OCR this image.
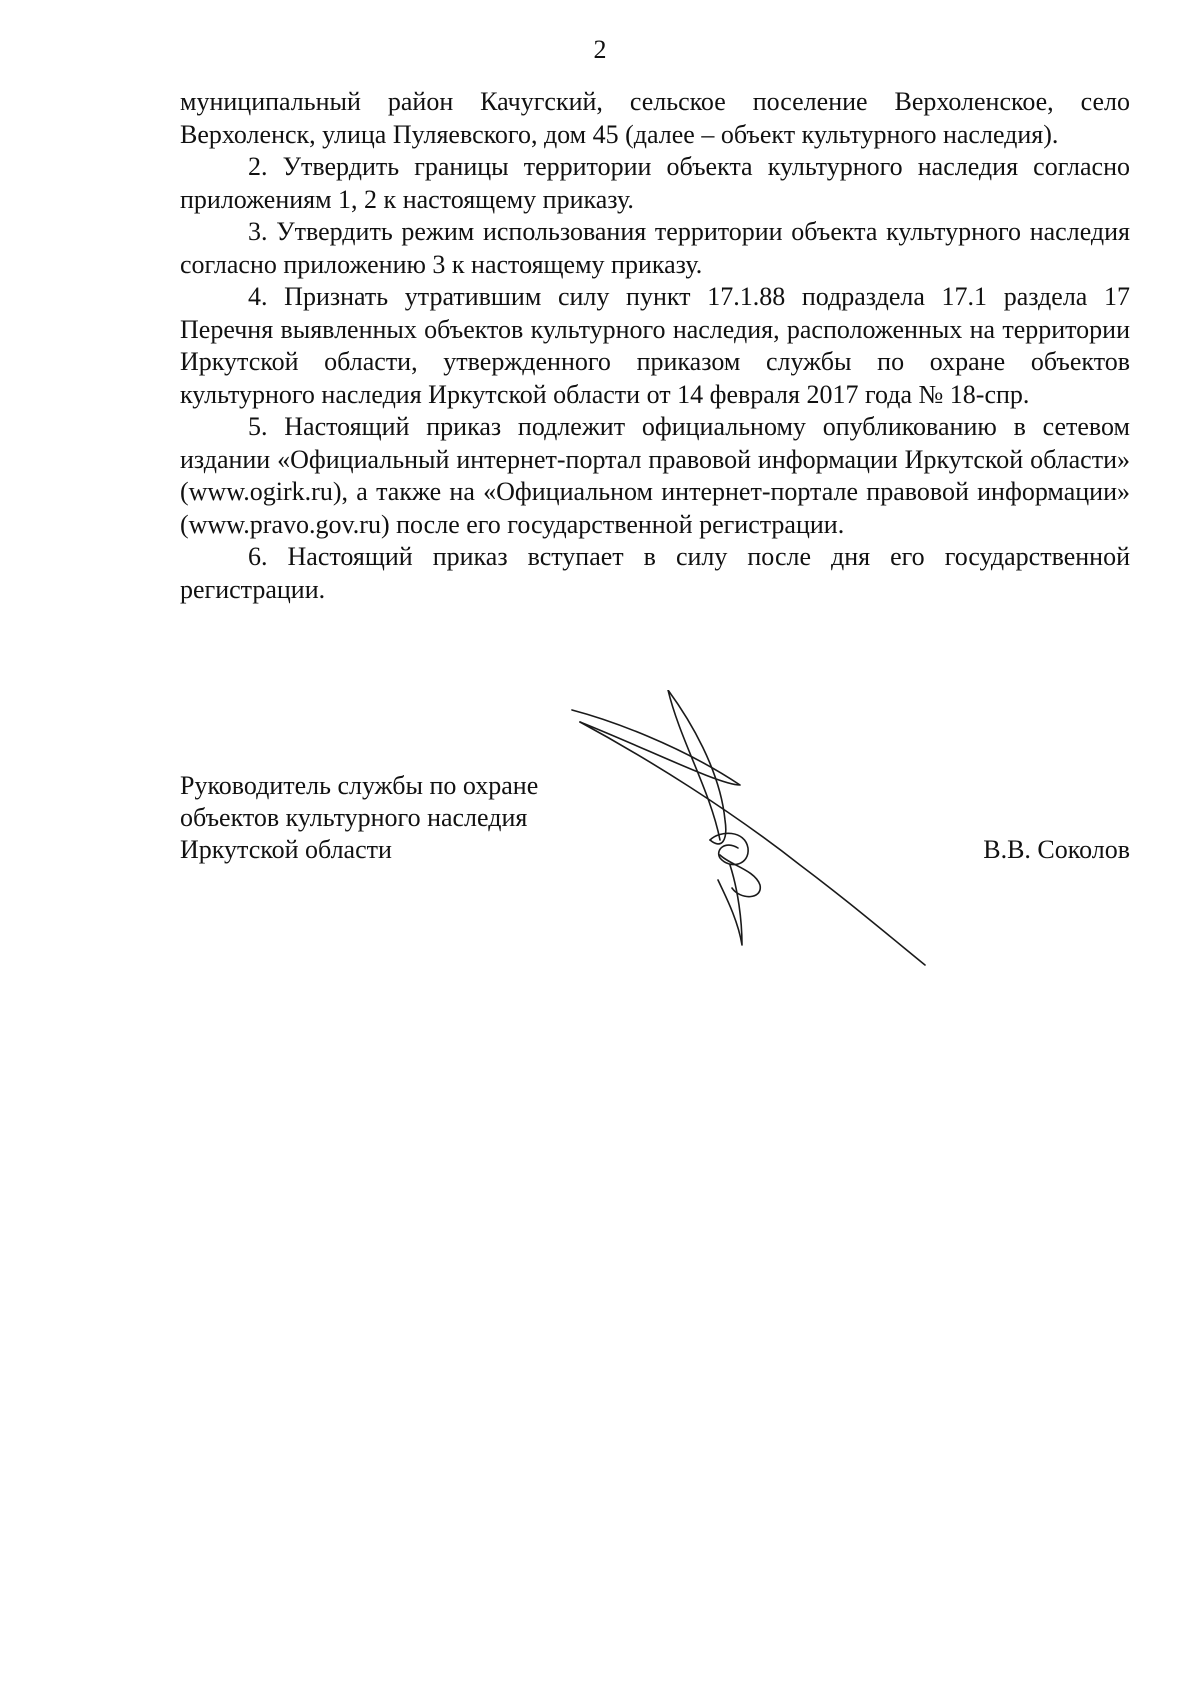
2

муниципальный район Качугский, сельское поселение Верхоленское, село Верхоленск, улица Пуляевского, дом 45 (далее – объект культурного наследия).

2. Утвердить границы территории объекта культурного наследия согласно приложениям 1, 2 к настоящему приказу.

3. Утвердить режим использования территории объекта культурного наследия согласно приложению 3 к настоящему приказу.

4. Признать утратившим силу пункт 17.1.88 подраздела 17.1 раздела 17 Перечня выявленных объектов культурного наследия, расположенных на территории Иркутской области, утвержденного приказом службы по охране объектов культурного наследия Иркутской области от 14 февраля 2017 года № 18-спр.

5. Настоящий приказ подлежит официальному опубликованию в сетевом издании «Официальный интернет-портал правовой информации Иркутской области» (www.ogirk.ru), а также на «Официальном интернет-портале правовой информации» (www.pravo.gov.ru) после его государственной регистрации.

6. Настоящий приказ вступает в силу после дня его государственной регистрации.

Руководитель службы по охране
объектов культурного наследия
Иркутской области	В.В. Соколов
